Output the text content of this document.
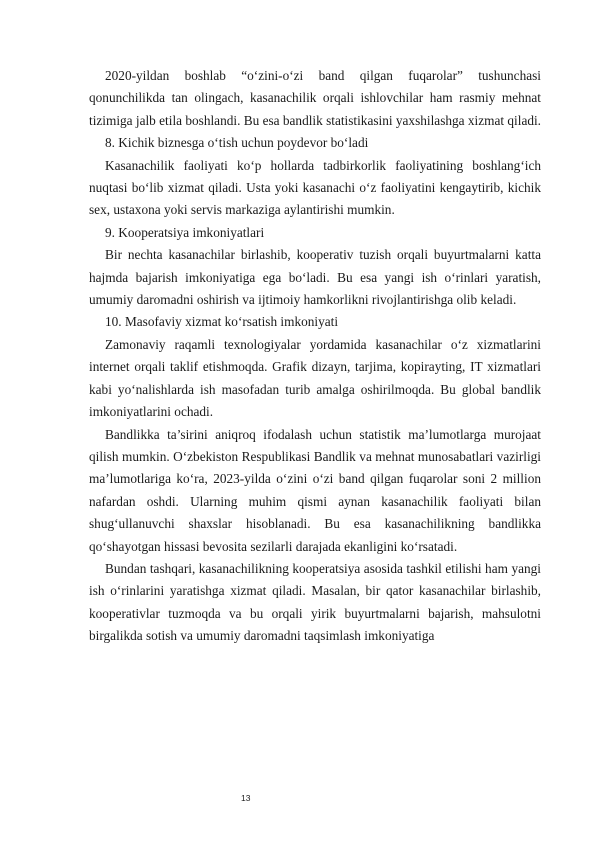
2020-yildan boshlab “o‘zini-o‘zi band qilgan fuqarolar” tushunchasi qonunchilikda tan olingach, kasanachilik orqali ishlovchilar ham rasmiy mehnat tizimiga jalb etila boshlandi. Bu esa bandlik statistikasini yaxshilashga xizmat qiladi.

8. Kichik biznesga o‘tish uchun poydevor bo‘ladi

Kasanachilik faoliyati ko‘p hollarda tadbirkorlik faoliyatining boshlang‘ich nuqtasi bo‘lib xizmat qiladi. Usta yoki kasanachi o‘z faoliyatini kengaytirib, kichik sex, ustaxona yoki servis markaziga aylantirishi mumkin.

9. Kooperatsiya imkoniyatlari

Bir nechta kasanachilar birlashib, kooperativ tuzish orqali buyurtmalarni katta hajmda bajarish imkoniyatiga ega bo‘ladi. Bu esa yangi ish o‘rinlari yaratish, umumiy daromadni oshirish va ijtimoiy hamkorlikni rivojlantirishga olib keladi.

10. Masofaviy xizmat ko‘rsatish imkoniyati

Zamonaviy raqamli texnologiyalar yordamida kasanachilar o‘z xizmatlarini internet orqali taklif etishmoqda. Grafik dizayn, tarjima, kopirayting, IT xizmatlari kabi yo‘nalishlarda ish masofadan turib amalga oshirilmoqda. Bu global bandlik imkoniyatlarini ochadi.

Bandlikka ta’sirini aniqroq ifodalash uchun statistik ma’lumotlarga murojaat qilish mumkin. O‘zbekiston Respublikasi Bandlik va mehnat munosabatlari vazirligi ma’lumotlariga ko‘ra, 2023-yilda o‘zini o‘zi band qilgan fuqarolar soni 2 million nafardan oshdi. Ularning muhim qismi aynan kasanachilik faoliyati bilan shug‘ullanuvchi shaxslar hisoblanadi. Bu esa kasanachilikning bandlikka qo‘shayotgan hissasi bevosita sezilarli darajada ekanligini ko‘rsatadi.

Bundan tashqari, kasanachilikning kooperatsiya asosida tashkil etilishi ham yangi ish o‘rinlarini yaratishga xizmat qiladi. Masalan, bir qator kasanachilar birlashib, kooperativlar tuzmoqda va bu orqali yirik buyurtmalarni bajarish, mahsulotni birgalikda sotish va umumiy daromadni taqsimlash imkoniyatiga

13
